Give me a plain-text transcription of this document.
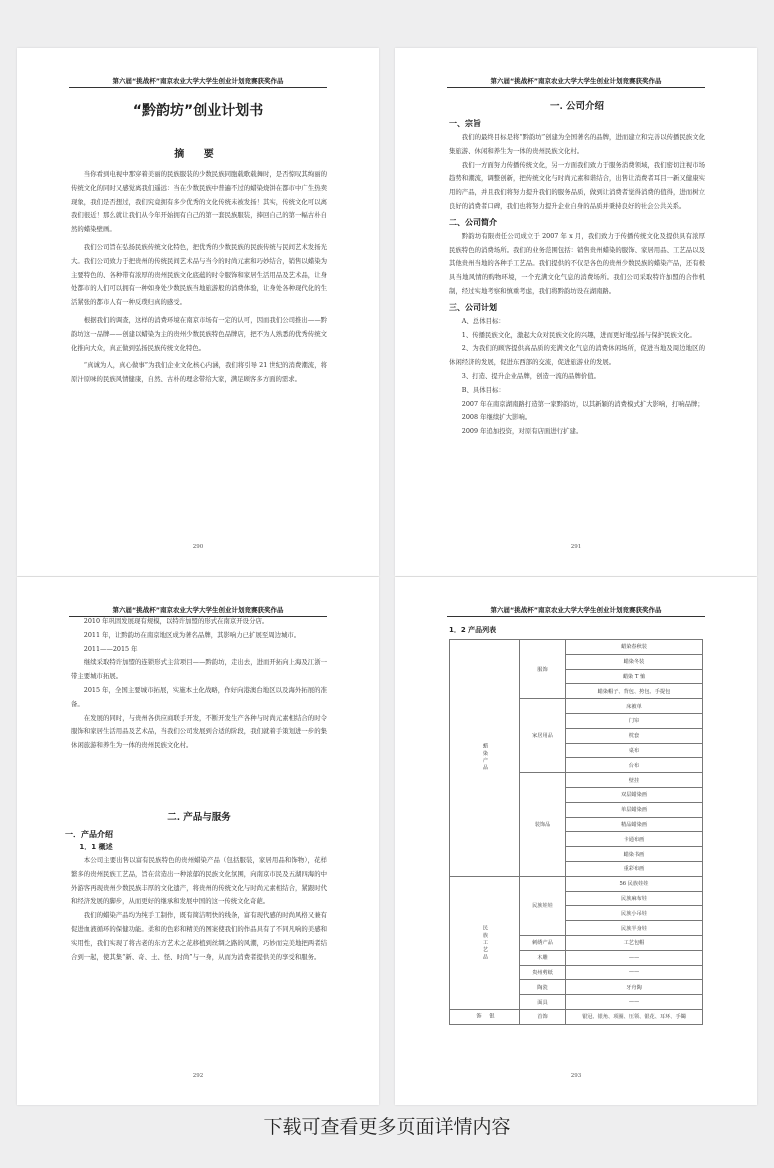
第六届“挑战杯”南京农业大学大学生创业计划竞赛获奖作品
“黔韵坊”创业计划书
摘 要

当你看到电视中那穿着美丽的民族服装的少数民族同胞载歌载舞时，是否惊叹其绚丽的传统文化的同时又感觉离我们遥远：当在少数民族中普遍不过的蜡染烧饼在都市中广生热卖现象，我们是否想过，我们究竟拥有多少优秀的文化传统未被发扬！其实，传统文化可以离我们很近！那么就让我们从今年开始拥有自己的第一套民族服装，捧回自己的第一幅古朴自然的蜡染壁画。

我们公司旨在弘扬民族传统文化特色，把优秀的少数民族的民族传统与民间艺术发扬光大。我们公司致力于把贵州的传统民间艺术品与当今的时尚元素和巧妙结合，销售以蜡染为主要特色的、各种带有浓厚的贵州民族文化底蕴的时令服饰和家居生活用品及艺术品，让身处都市的人们可以拥有一种如身处少数民族当地旅游般的消费体验，让身处各种现代化的生活紧张的都市人有一种反璞归真的感受。

根据我们的调查，这样的消费环境在南京市场有一定的认可，因而我们公司推出——黔韵坊这一品牌——创建以蜡染为主的贵州少数民族特色品牌店，把不为人熟悉的优秀传统文化推向大众，真正做到弘扬民族传统文化特色。

“真诚为人，真心做事”为我们企业文化核心内涵，我们将引导 21 世纪的消费潮流，将原汁原味的民族风情健康，自然、古朴的理念带给大家，满足顾客多方面的需求。

290
第六届“挑战杯”南京农业大学大学生创业计划竞赛获奖作品
一. 公司介绍
一、宗旨

我们的最终目标是将“黔韵坊”创建为全国著名的品牌，进而建立和完善以传播民族文化集旅游、休闲和养生为一体的贵州民族文化村。

我们一方面努力传播传统文化，另一方面我们致力于服务消费领域，我们密切注视市场趋势和潮流，调整创新，把传统文化与时尚元素和谐结合，出售让消费者耳目一新又健康实用的产品，并且我们将努力提升我们的服务品质，做到让消费者觉得消费的值得，进而树立良好的消费者口碑，我们也将努力提升企业自身的品质并秉持良好的社会公共关系。

二、公司简介

黔韵坊有限责任公司成立于 2007 年 x 月，我们致力于传播传统文化及提供具有浓厚民族特色的消费场所。我们的业务范围包括：销售贵州蜡染的服饰、家居用品、工艺品以及其他贵州当地的各种手工艺品。我们提供的不仅是各色的贵州少数民族的蜡染产品，还有极具当地风情的购物环境，一个充满文化气息的消费场所。我们公司采取特许加盟的合作机制，经过实地考察和慎重考虑，我们将黔韵坊设在湖南路。

三、公司计划

A、总体目标：

1、传播民族文化，激起大众对民族文化的兴趣，进而更好地弘扬与保护民族文化。

2、为我们的顾客提供高品质的充满文化气息的消费休闲场所，促进当地及周边地区的休闲经济的发展，促进东西部的交流，促进旅游业的发展。

3、打造、提升企业品牌，创造一流的品牌价值。

B、具体目标：

2007 年在南京湖南路打造第一家黔韵坊，以其新颖的消费模式扩大影响，打响品牌；

2008 年继续扩大影响。

2009 年追加投资，对原有店面进行扩建。

291
第六届“挑战杯”南京农业大学大学生创业计划竞赛获奖作品

2010 年巩固发展现有规模，以特许加盟的形式在南京开设分店。

2011 年，让黔韵坊在南京地区成为著名品牌，其影响力已扩展至周边城市。

2011——2015 年

继续采取特许加盟的连锁形式主营项目——黔韵坊，走出去，进而开拓向上海及江浙一带主要城市拓展。

2015 年，全国主要城市拓展，实施本土化战略，作好向港澳台地区以及海外拓展的准备。

在发展的同时，与贵州各供应商联手开发，不断开发生产各种与时尚元素相结合的时令服饰和家居生活用品及艺术品，当我们公司发展到合适的阶段，我们就着手策划进一步的集休闲旅游和养生为一体的贵州民族文化村。

二. 产品与服务
一．产品介绍
1．1 概述

本公司主要出售以富有民族特色的贵州蜡染产品（包括服装，家居用品和饰物），花样繁多的贵州民族工艺品，旨在营造出一种浓郁的民族文化氛围，向南京市民及五湖四海的中外游客再现贵州少数民族丰厚的文化遗产，将贵州的传统文化与时尚元素相结合，紧跟时代和经济发展的脚步，从而更好的继承和发展中国的这一传统文化奇葩。

我们的蜡染产品均为纯手工制作，既有简洁明快的线条，富有现代感的时尚风格又兼有促进血液循环的保健功能。柔和的色彩和精美的图案使我们的作品具有了不同凡响的美感和实用性，我们实现了将古老的东方艺术之花移植到丝绸之路的风潮，巧妙而完美地把两者结合到一起，使其集“新、奇、土、怪、时尚”与一身，从而为消费者提供美的享受和服务。

292
第六届“挑战杯”南京农业大学大学生创业计划竞赛获奖作品
1．2 产品列表
蜡染产品	服饰	蜡染春秋装
		蜡染冬装
		蜡染 T 恤
		蜡染帽子、背包、挎包、手提包
	家居用品	床被单
		门帘
		枕套
		桌布
		台布
	装饰品	壁挂
		双层蜡染画
		单层蜡染画
		精品蜡染画
		卡通布画
		蜡染书画
		重彩布画
民族工艺品	民族娃娃	56 民族娃娃
		民族麻布娃
		民族小吊娃
		民族半身娃
	刺绣产品	工艺包帽
	木雕	——
	贵州剪纸	——
	陶瓷	牙舟陶
	面具	——
银饰	首饰	银冠、银角、项圈、压领、银花、耳环、手镯
293
下载可查看更多页面详情内容
